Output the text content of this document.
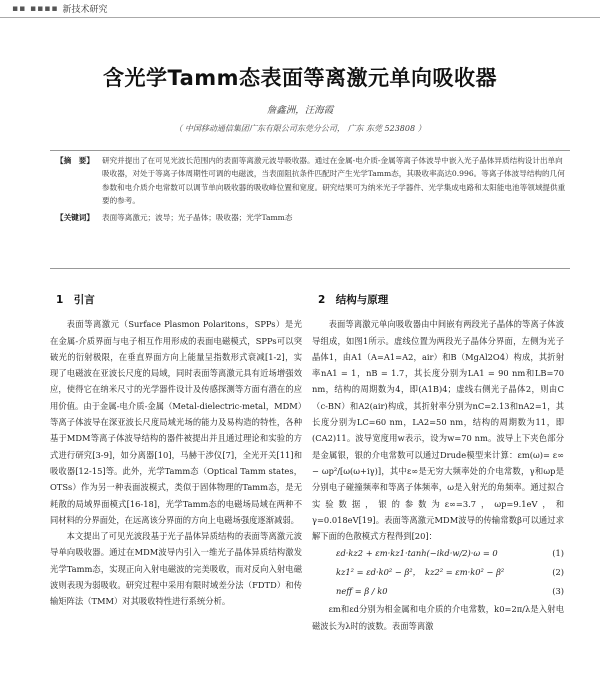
▪▪ ▪▪▪▪ 新技术研究
含光学Tamm态表面等离激元单向吸收器
詹鑫洲，汪海霞
（ 中国移动通信集团广东有限公司东莞分公司， 广东 东莞 523808 ）
【摘　要】	研究并提出了在可见光波长范围内的表面等离激元波导吸收器。通过在金属-电介质-金属等离子体波导中嵌入光子晶体异质结构设计出单向吸收器，对处于等离子体周期性可调的电磁波，当表面阻抗条件匹配时产生光学Tamm态，其吸收率高达0.996。等离子体波导结构的几何参数和电介质介电常数可以调节单向吸收器的吸收峰位置和宽度。研究结果可为纳米光子学器件、光学集成电路和太阳能电池等领域提供重要的参考。
【关键词】	表面等离激元；波导；光子晶体；吸收器；光学Tamm态
1　引言

表面等离激元（Surface Plasmon Polaritons，SPPs）是光在金属-介质界面与电子相互作用形成的表面电磁模式，SPPs可以突破光的衍射极限，在垂直界面方向上能量呈指数形式衰减[1-2]，实现了电磁波在亚波长尺度的局域，同时表面等离激元具有近场增强效应，使得它在纳米尺寸的光学器件设计及传感探测等方面有潜在的应用价值。由于金属-电介质-金属（Metal-dielectric-metal，MDM）等离子体波导在深亚波长尺度局域光场的能力及易构造的特性，各种基于MDM等离子体波导结构的器件被提出并且通过理论和实验的方式进行研究[3-9]，如分离器[10]，马赫干涉仪[7]，全光开关[11]和吸收器[12-15]等。此外，光学Tamm态（Optical Tamm states，OTSs）作为另一种表面波模式，类似于固体物理的Tamm态，是无耗散的局域界面模式[16-18]，光学Tamm态的电磁场局域在两种不同材料的分界面处，在远离该分界面的方向上电磁场强度逐渐减弱。

本文提出了可见光波段基于光子晶体异质结构的表面等离激元波导单向吸收器。通过在MDM波导内引入一维光子晶体异质结构激发光学Tamm态，实现正向入射电磁波的完美吸收，而对反向入射电磁波则表现为弱吸收。研究过程中采用有限时域差分法（FDTD）和传输矩阵法（TMM）对其吸收特性进行系统分析。

2　结构与原理

表面等离激元单向吸收器由中间嵌有两段光子晶体的等离子体波导组成，如图1所示。虚线位置为两段光子晶体分界面，左侧为光子晶体1，由A1（A=A1=A2，air）和B（MgAl2O4）构成，其折射率nA1 = 1，nB = 1.7，其长度分别为LA1 = 90 nm和LB=70 nm，结构的周期数为4，即(A1B)4；虚线右侧光子晶体2，则由C（c-BN）和A2(air)构成，其折射率分别为nC=2.13和nA2=1，其长度分别为LC=60 nm，LA2=50 nm，结构的周期数为11，即(CA2)11。波导宽度用w表示，设为w=70 nm。波导上下夹色部分是金属银，银的介电常数可以通过Drude模型来计算：εm(ω)= ε∞ − ωp²/[ω(ω+iγ)]，其中ε∞是无穷大频率处的介电常数，γ和ωp是分别电子碰撞频率和等离子体频率，ω是入射光的角频率。通过拟合实验数据，银的参数为ε∞=3.7，ωp=9.1eV，和γ=0.018eV[19]。表面等离激元MDM波导的传输常数β可以通过求解下面的色散模式方程得到[20]：

εd·kz2 + εm·kz1·tanh(−ikd·w/2)·ω = 0	(1)
kz1² = εd·k0² − β²，　kz2² = εm·k0² − β²	(2)
neff = β / k0	(3)

εm和εd分别为相金属和电介质的介电常数，k0=2π/λ是入射电磁波长为λ时的波数。表面等离激
